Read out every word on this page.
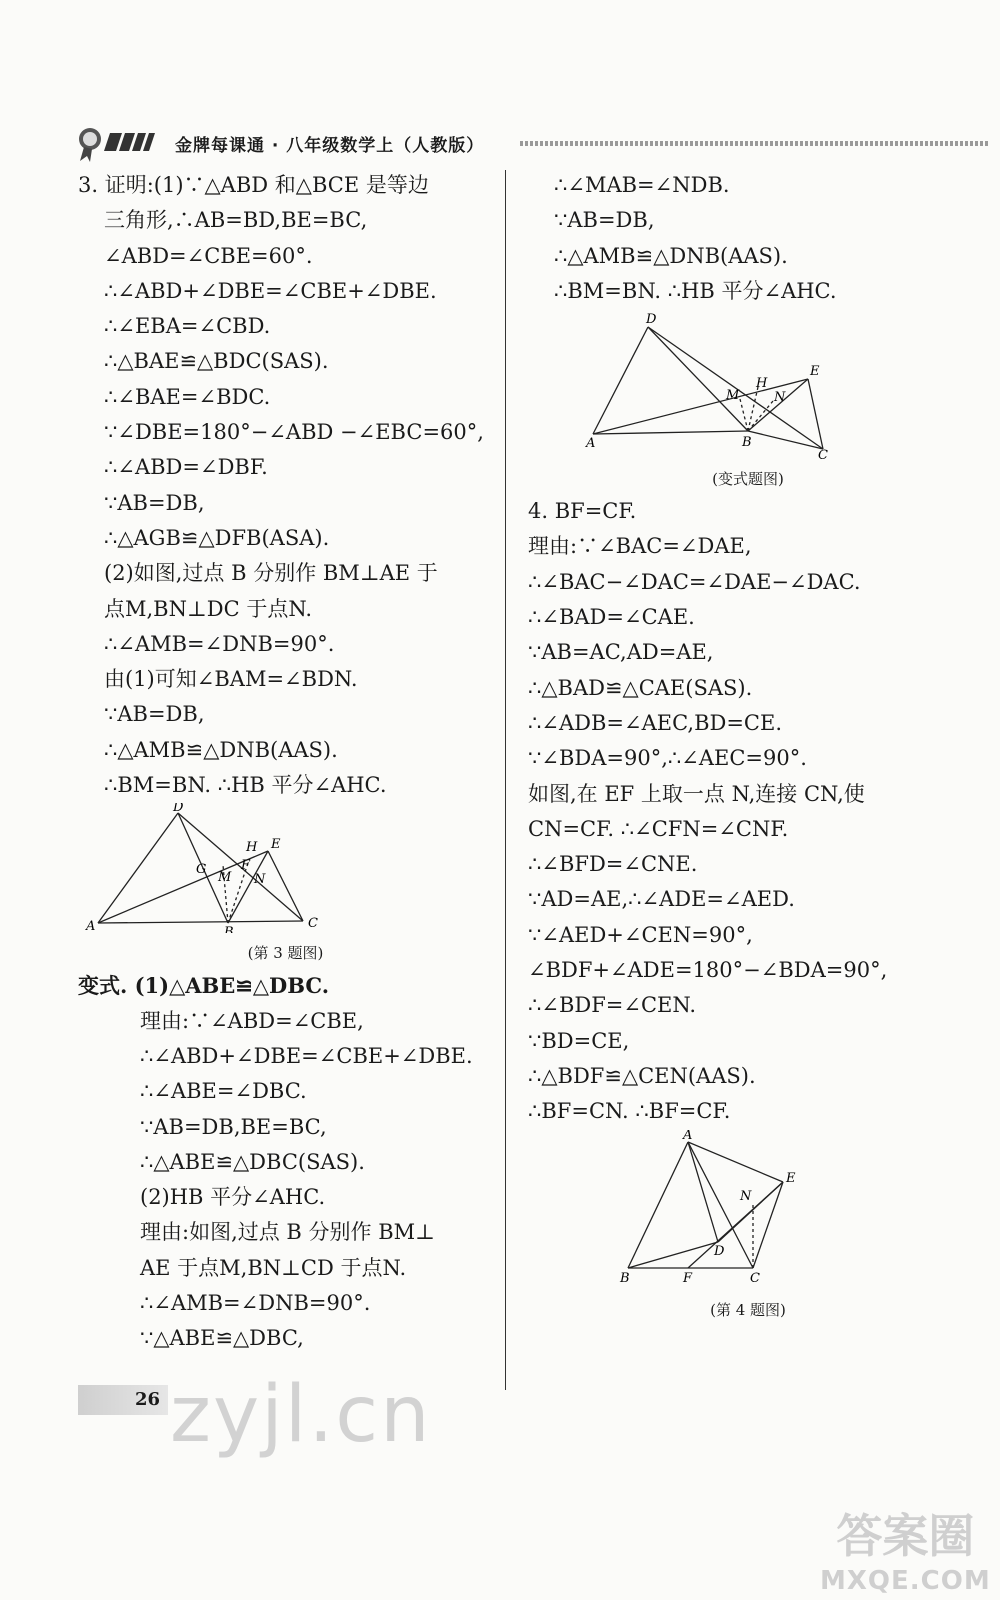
金牌每课通 · 八年级数学上（人教版）
3. 证明:(1)∵△ABD 和△BCE 是等边
三角形,∴AB=BD,BE=BC,
∠ABD=∠CBE=60°.
∴∠ABD+∠DBE=∠CBE+∠DBE.
∴∠EBA=∠CBD.
∴△BAE≌△BDC(SAS).
∴∠BAE=∠BDC.
∵∠DBE=180°−∠ABD −∠EBC=60°,
∴∠ABD=∠DBF.
∵AB=DB,
∴△AGB≌△DFB(ASA).
(2)如图,过点 B 分别作 BM⊥AE 于
点M,BN⊥DC 于点N.
∴∠AMB=∠DNB=90°.
由(1)可知∠BAM=∠BDN.
∵AB=DB,
∴△AMB≌△DNB(AAS).
∴BM=BN. ∴HB 平分∠AHC.
D
E
H
G
M
F
N
A	B
C
(第 3 题图)
变式. (1)△ABE≌△DBC.
理由:∵∠ABD=∠CBE,
∴∠ABD+∠DBE=∠CBE+∠DBE.
∴∠ABE=∠DBC.
∵AB=DB,BE=BC,
∴△ABE≌△DBC(SAS).
(2)HB 平分∠AHC.
理由:如图,过点 B 分别作 BM⊥
AE 于点M,BN⊥CD 于点N.
∴∠AMB=∠DNB=90°.
∵△ABE≌△DBC,
∴∠MAB=∠NDB.
∵AB=DB,
∴△AMB≌△DNB(AAS).
∴BM=BN. ∴HB 平分∠AHC.
D
E
H
M	N
A	B
C
(变式题图)
4. BF=CF.
理由:∵∠BAC=∠DAE,
∴∠BAC−∠DAC=∠DAE−∠DAC.
∴∠BAD=∠CAE.
∵AB=AC,AD=AE,
∴△BAD≌△CAE(SAS).
∴∠ADB=∠AEC,BD=CE.
∵∠BDA=90°,∴∠AEC=90°.
如图,在 EF 上取一点 N,连接 CN,使
CN=CF. ∴∠CFN=∠CNF.
∴∠BFD=∠CNE.
∵AD=AE,∴∠ADE=∠AED.
∵∠AED+∠CEN=90°,
∠BDF+∠ADE=180°−∠BDA=90°,
∴∠BDF=∠CEN.
∵BD=CE,
∴△BDF≌△CEN(AAS).
∴BF=CN. ∴BF=CF.
A
E
N
D
B	F	C
(第 4 题图)
26 zyjl.cn
答案圈
MXQE.COM
